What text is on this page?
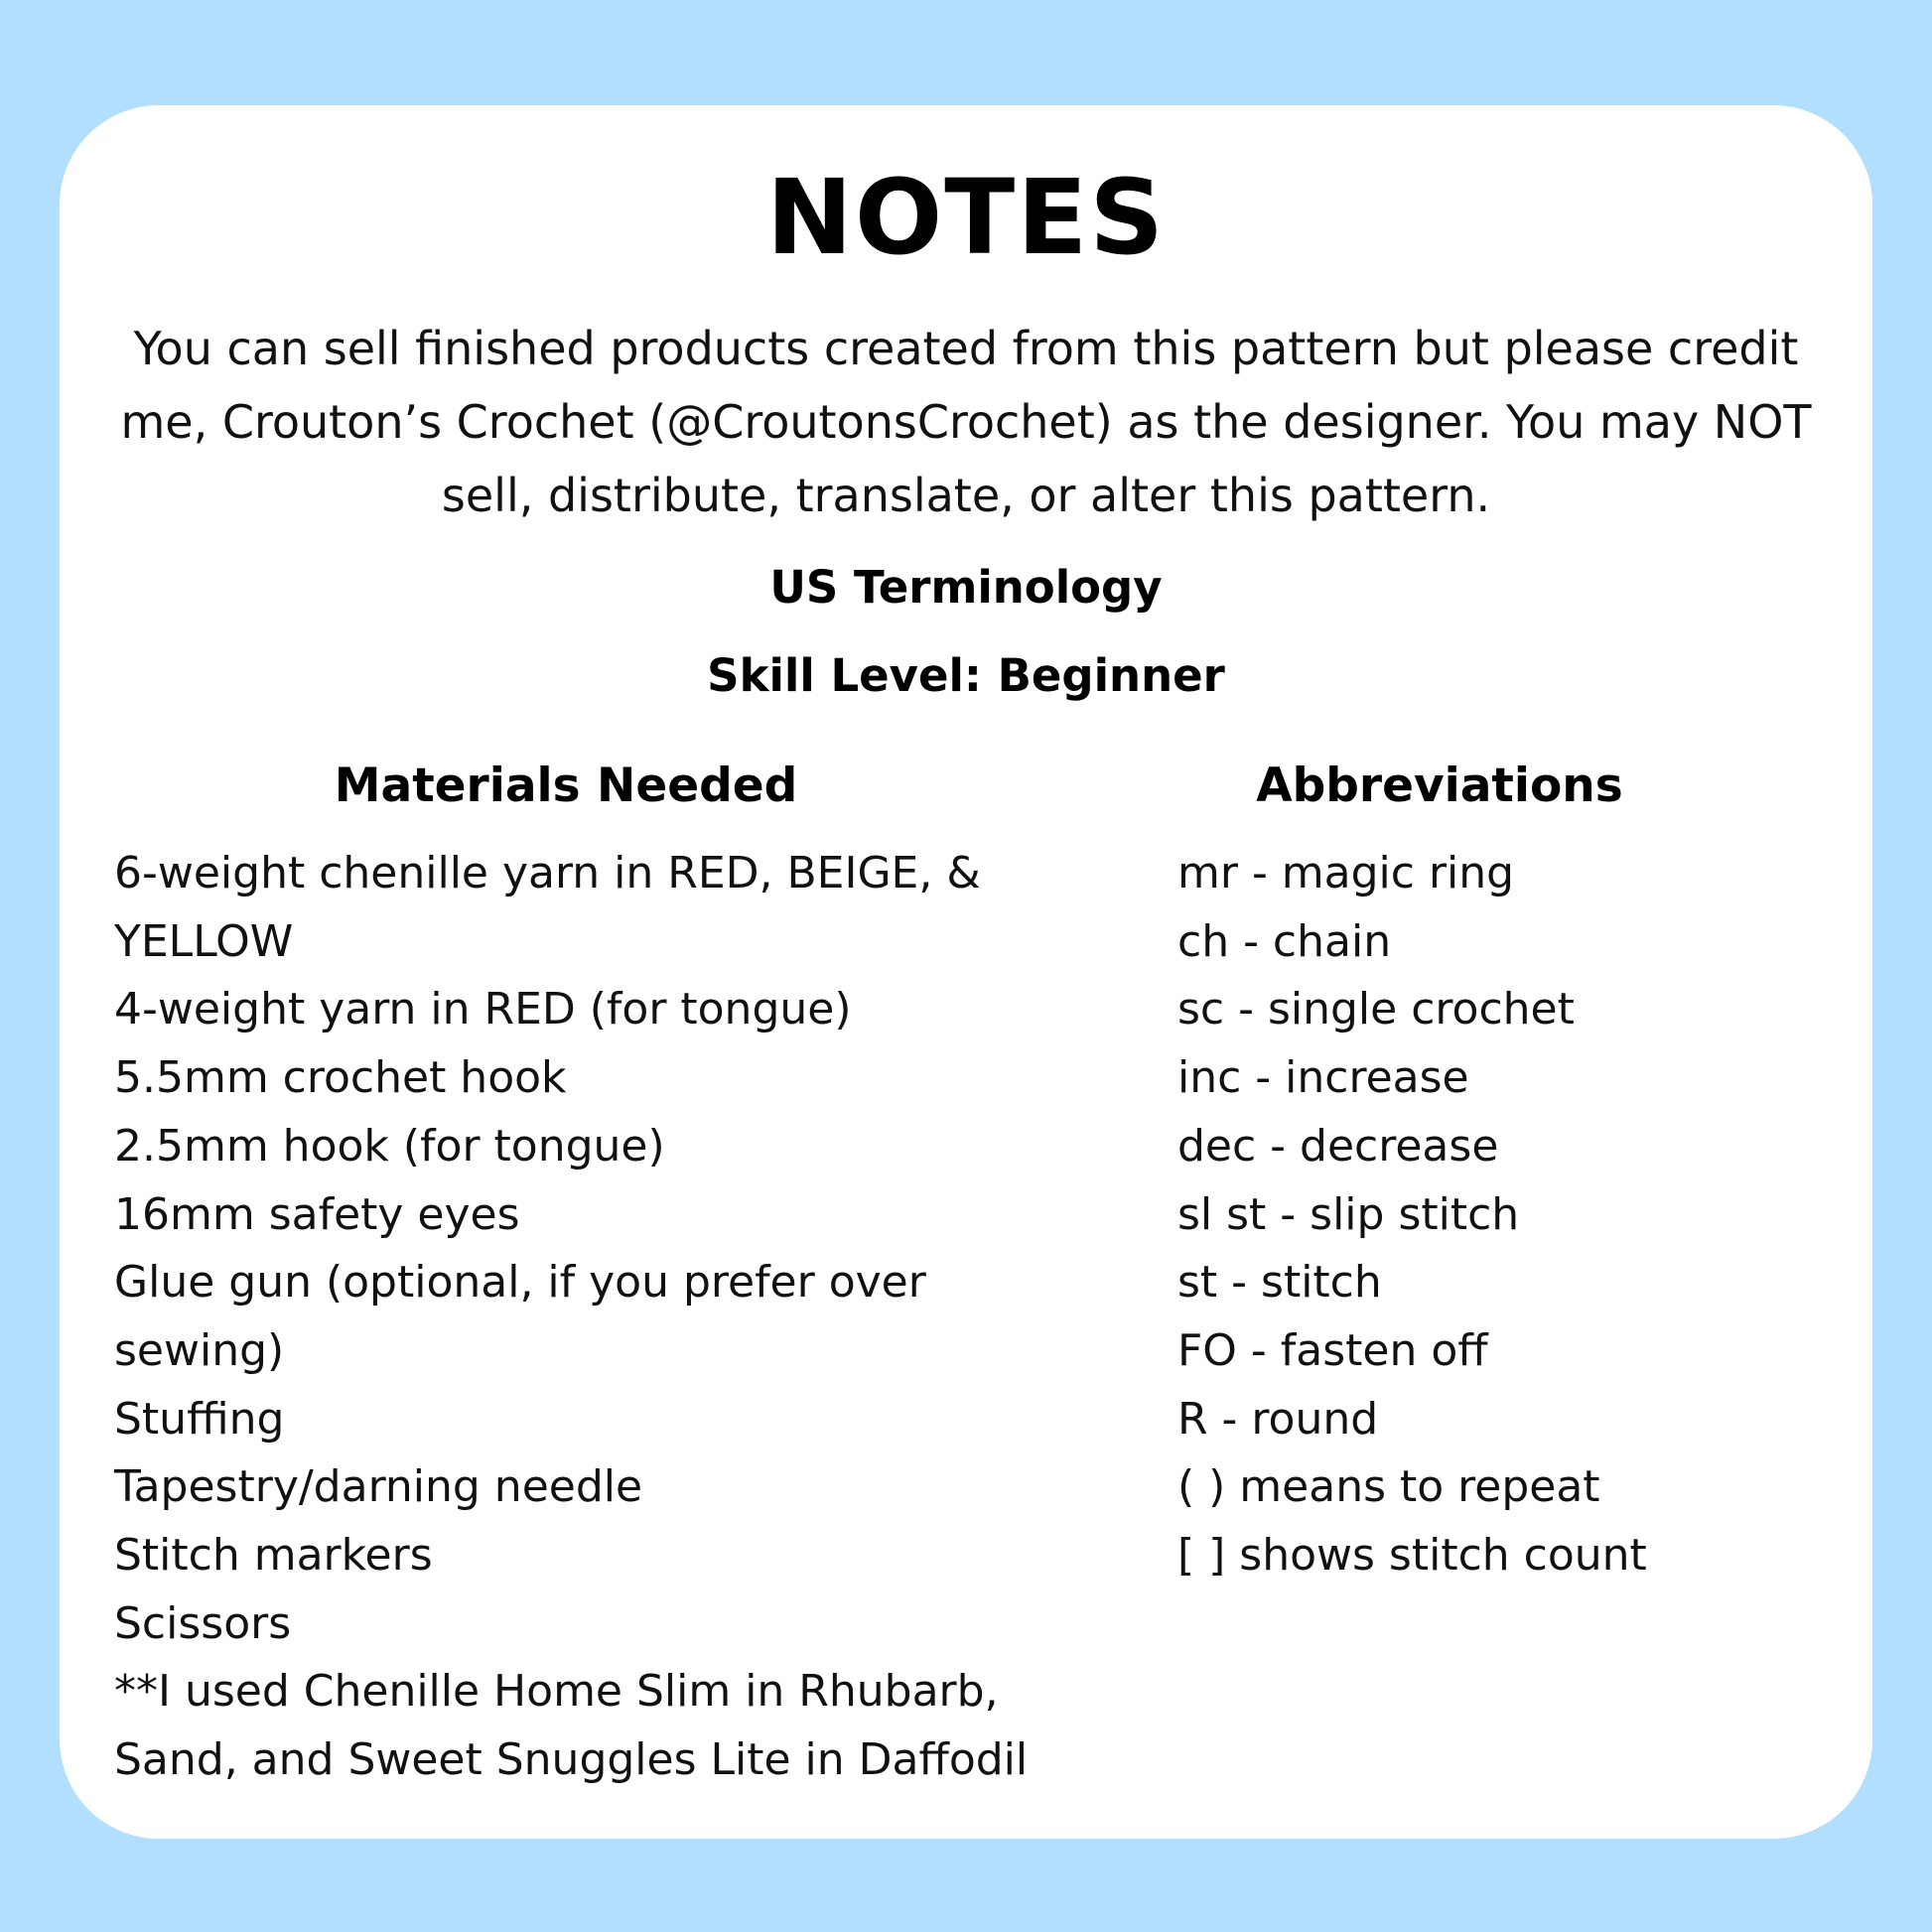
NOTES
You can sell finished products created from this pattern but please credit me, Crouton’s Crochet (@CroutonsCrochet) as the designer. You may NOT sell, distribute, translate, or alter this pattern.
US Terminology
Skill Level: Beginner
Materials Needed	Abbreviations
6-weight chenille yarn in RED, BEIGE, &
YELLOW
4-weight yarn in RED (for tongue)
5.5mm crochet hook
2.5mm hook (for tongue)
16mm safety eyes
Glue gun (optional, if you prefer over
sewing)
Stuffing
Tapestry/darning needle
Stitch markers
Scissors
**I used Chenille Home Slim in Rhubarb,
Sand, and Sweet Snuggles Lite in Daffodil
mr - magic ring
ch - chain
sc - single crochet
inc - increase
dec - decrease
sl st - slip stitch
st - stitch
FO - fasten off
R - round
( ) means to repeat
[ ] shows stitch count
